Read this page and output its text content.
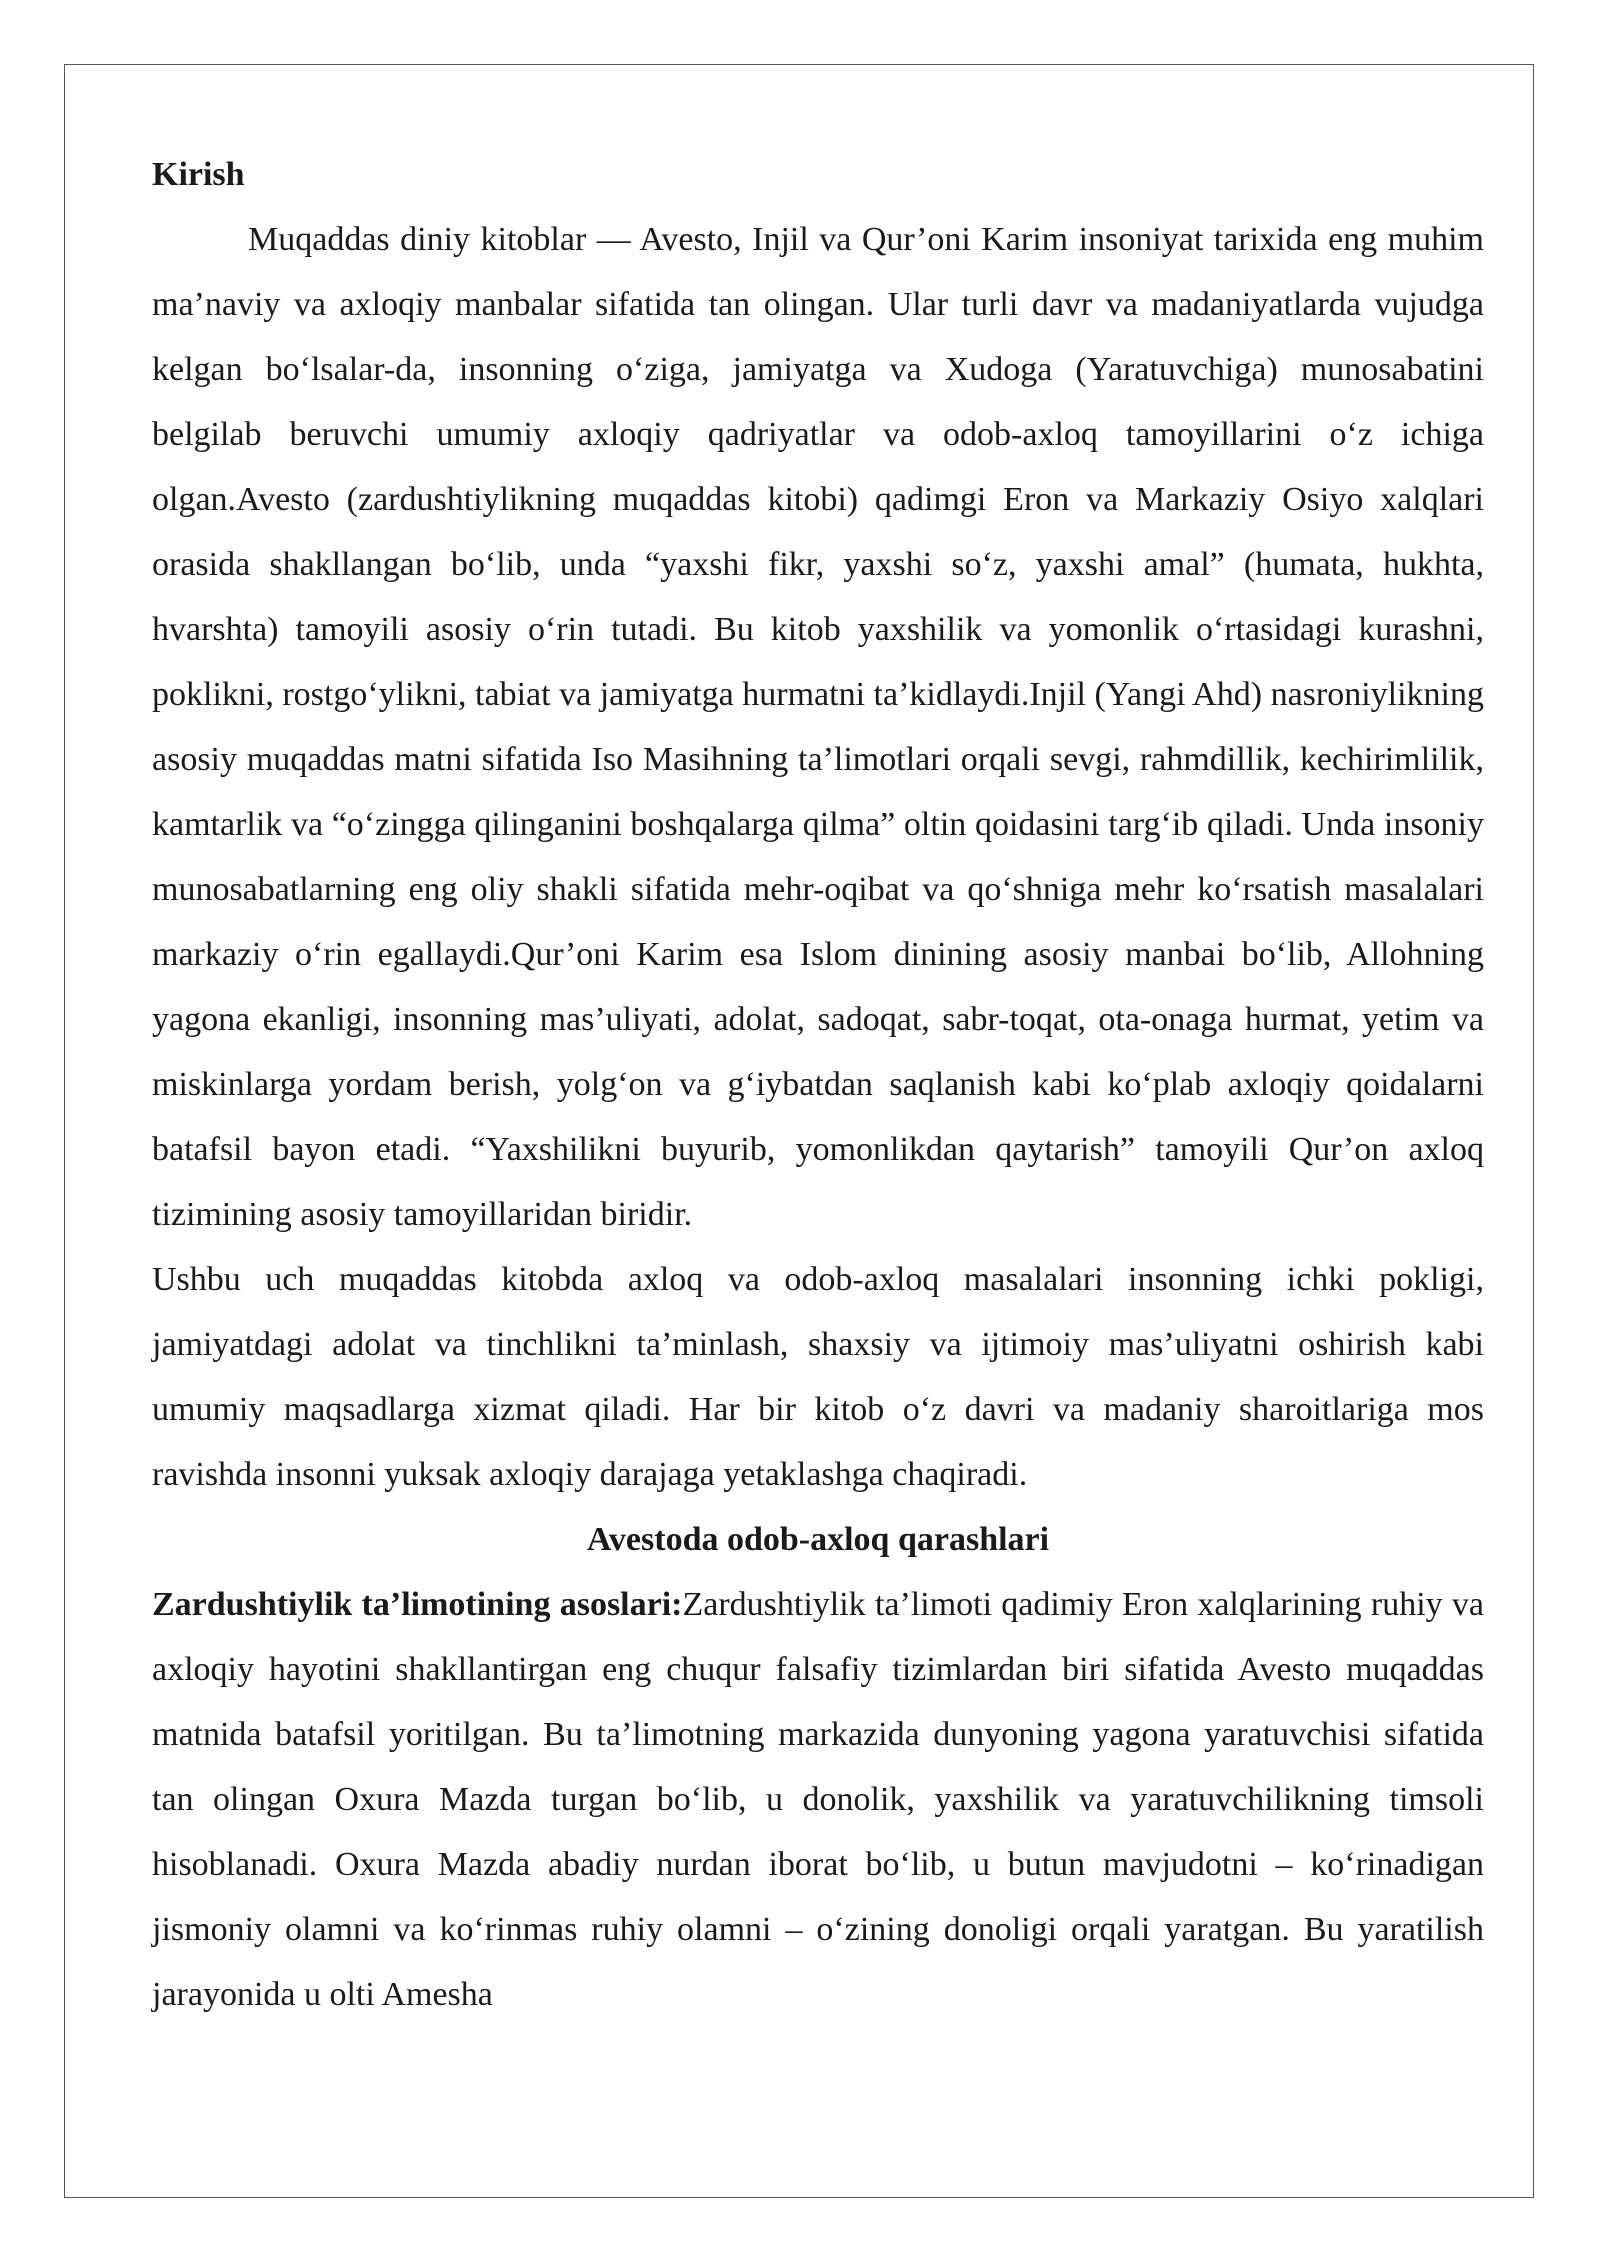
Kirish

Muqaddas diniy kitoblar — Avesto, Injil va Qur’oni Karim insoniyat tarixida eng muhim ma’naviy va axloqiy manbalar sifatida tan olingan. Ular turli davr va madaniyatlarda vujudga kelgan bo‘lsalar-da, insonning o‘ziga, jamiyatga va Xudoga (Yaratuvchiga) munosabatini belgilab beruvchi umumiy axloqiy qadriyatlar va odob-axloq tamoyillarini o‘z ichiga olgan.Avesto (zardushtiylikning muqaddas kitobi) qadimgi Eron va Markaziy Osiyo xalqlari orasida shakllangan bo‘lib, unda “yaxshi fikr, yaxshi so‘z, yaxshi amal” (humata, hukhta, hvarshta) tamoyili asosiy o‘rin tutadi. Bu kitob yaxshilik va yomonlik o‘rtasidagi kurashni, poklikni, rostgo‘ylikni, tabiat va jamiyatga hurmatni ta’kidlaydi.Injil (Yangi Ahd) nasroniylikning asosiy muqaddas matni sifatida Iso Masihning ta’limotlari orqali sevgi, rahmdillik, kechirimlilik, kamtarlik va “o‘zingga qilinganini boshqalarga qilma” oltin qoidasini targ‘ib qiladi. Unda insoniy munosabatlarning eng oliy shakli sifatida mehr-oqibat va qo‘shniga mehr ko‘rsatish masalalari markaziy o‘rin egallaydi.Qur’oni Karim esa Islom dinining asosiy manbai bo‘lib, Allohning yagona ekanligi, insonning mas’uliyati, adolat, sadoqat, sabr-toqat, ota-onaga hurmat, yetim va miskinlarga yordam berish, yolg‘on va g‘iybatdan saqlanish kabi ko‘plab axloqiy qoidalarni batafsil bayon etadi. “Yaxshilikni buyurib, yomonlikdan qaytarish” tamoyili Qur’on axloq tizimining asosiy tamoyillaridan biridir.

Ushbu uch muqaddas kitobda axloq va odob-axloq masalalari insonning ichki pokligi, jamiyatdagi adolat va tinchlikni ta’minlash, shaxsiy va ijtimoiy mas’uliyatni oshirish kabi umumiy maqsadlarga xizmat qiladi. Har bir kitob o‘z davri va madaniy sharoitlariga mos ravishda insonni yuksak axloqiy darajaga yetaklashga chaqiradi.

Avestoda odob-axloq qarashlari

Zardushtiylik ta’limotining asoslari:Zardushtiylik ta’limoti qadimiy Eron xalqlarining ruhiy va axloqiy hayotini shakllantirgan eng chuqur falsafiy tizimlardan biri sifatida Avesto muqaddas matnida batafsil yoritilgan. Bu ta’limotning markazida dunyoning yagona yaratuvchisi sifatida tan olingan Oxura Mazda turgan bo‘lib, u donolik, yaxshilik va yaratuvchilikning timsoli hisoblanadi. Oxura Mazda abadiy nurdan iborat bo‘lib, u butun mavjudotni – ko‘rinadigan jismoniy olamni va ko‘rinmas ruhiy olamni – o‘zining donoligi orqali yaratgan. Bu yaratilish jarayonida u olti Amesha
